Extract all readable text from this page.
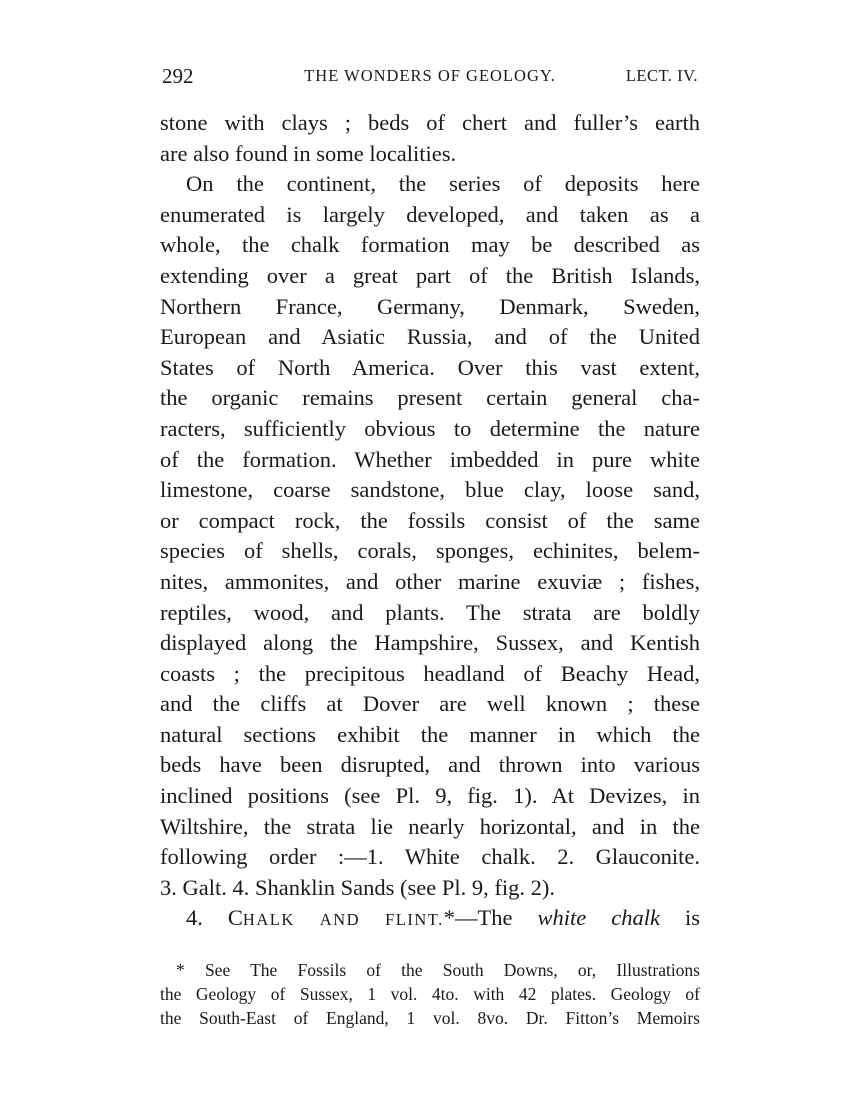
292	THE WONDERS OF GEOLOGY.	LECT. IV.
stone with clays ; beds of chert and fuller’s earth
are also found in some localities.
On the continent, the series of deposits here
enumerated is largely developed, and taken as a
whole, the chalk formation may be described as
extending over a great part of the British Islands,
Northern France, Germany, Denmark, Sweden,
European and Asiatic Russia, and of the United
States of North America. Over this vast extent,
the organic remains present certain general cha-
racters, sufficiently obvious to determine the nature
of the formation. Whether imbedded in pure white
limestone, coarse sandstone, blue clay, loose sand,
or compact rock, the fossils consist of the same
species of shells, corals, sponges, echinites, belem-
nites, ammonites, and other marine exuviæ ; fishes,
reptiles, wood, and plants. The strata are boldly
displayed along the Hampshire, Sussex, and Kentish
coasts ; the precipitous headland of Beachy Head,
and the cliffs at Dover are well known ; these
natural sections exhibit the manner in which the
beds have been disrupted, and thrown into various
inclined positions (see Pl. 9, fig. 1). At Devizes, in
Wiltshire, the strata lie nearly horizontal, and in the
following order :—1. White chalk. 2. Glauconite.
3. Galt. 4. Shanklin Sands (see Pl. 9, fig. 2).
4. CHALK AND FLINT.*—The white chalk is
* See The Fossils of the South Downs, or, Illustrations
the Geology of Sussex, 1 vol. 4to. with 42 plates. Geology of
the South-East of England, 1 vol. 8vo. Dr. Fitton’s Memoirs
